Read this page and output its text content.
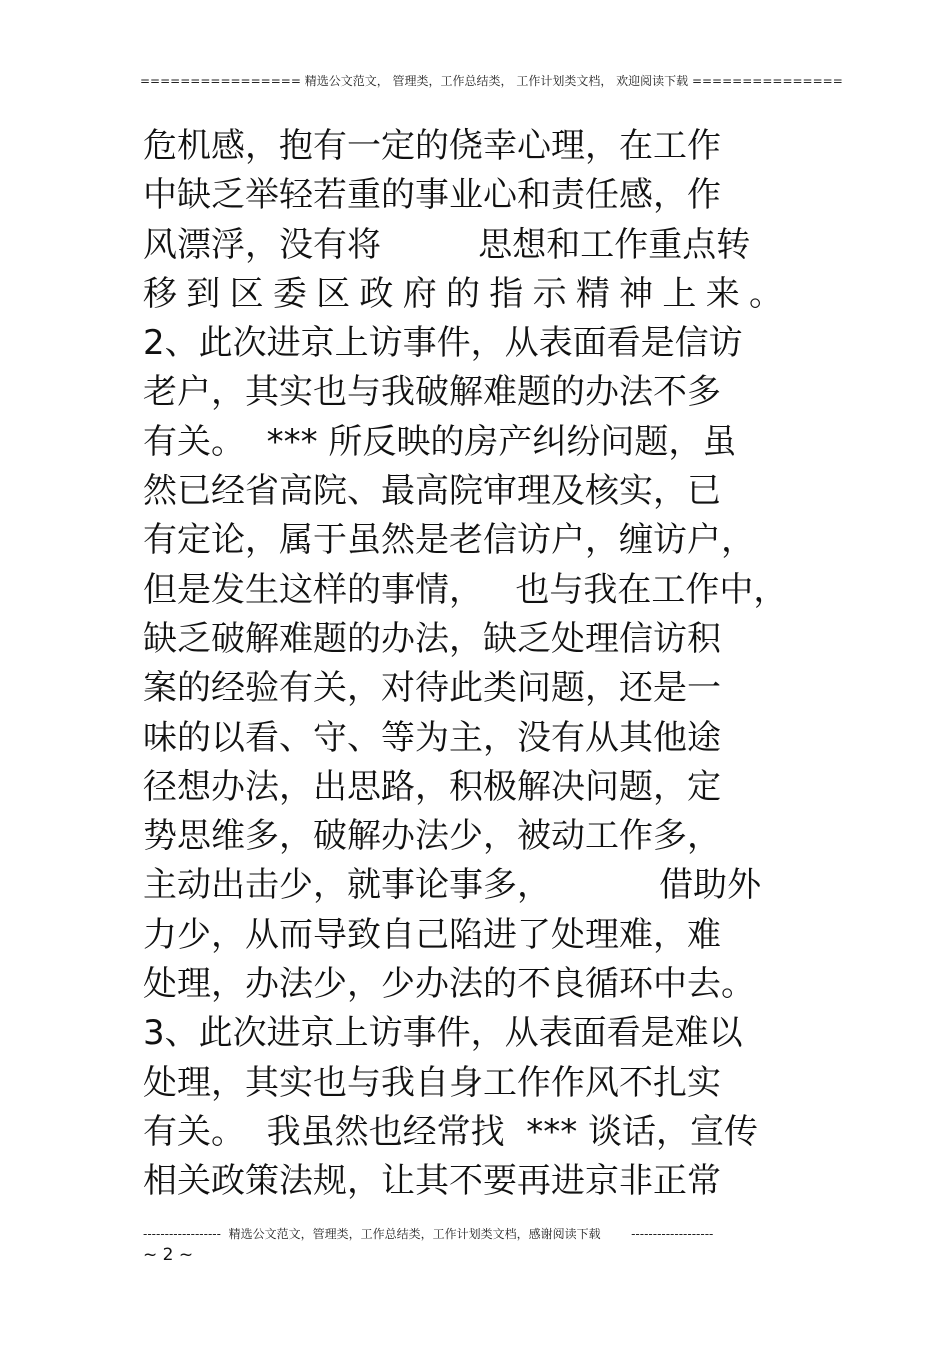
================ 精选公文范文， 管理类，工作总结类， 工作计划类文档， 欢迎阅读下载 ===============
危机感，抱有一定的侥幸心理，在工作
中缺乏举轻若重的事业心和责任感，作
风漂浮，没有将         思想和工作重点转
移到区委区政府的指示精神上来。
2、此次进京上访事件，从表面看是信访
老户，其实也与我破解难题的办法不多
有关。  *** 所反映的房产纠纷问题，虽
然已经省高院、最高院审理及核实，已
有定论，属于虽然是老信访户，缠访户，
但是发生这样的事情，   也与我在工作中，
缺乏破解难题的办法，缺乏处理信访积
案的经验有关，对待此类问题，还是一
味的以看、守、等为主，没有从其他途
径想办法，出思路，积极解决问题，定
势思维多，破解办法少，被动工作多，
主动出击少，就事论事多，          借助外
力少，从而导致自己陷进了处理难，难
处理，办法少，少办法的不良循环中去。
3、此次进京上访事件，从表面看是难以
处理，其实也与我自身工作作风不扎实
有关。  我虽然也经常找  *** 谈话，宣传
相关政策法规，让其不要再进京非正常
------------------  精选公文范文，管理类，工作总结类，工作计划类文档，感谢阅读下载        -------------------
~ 2 ~
